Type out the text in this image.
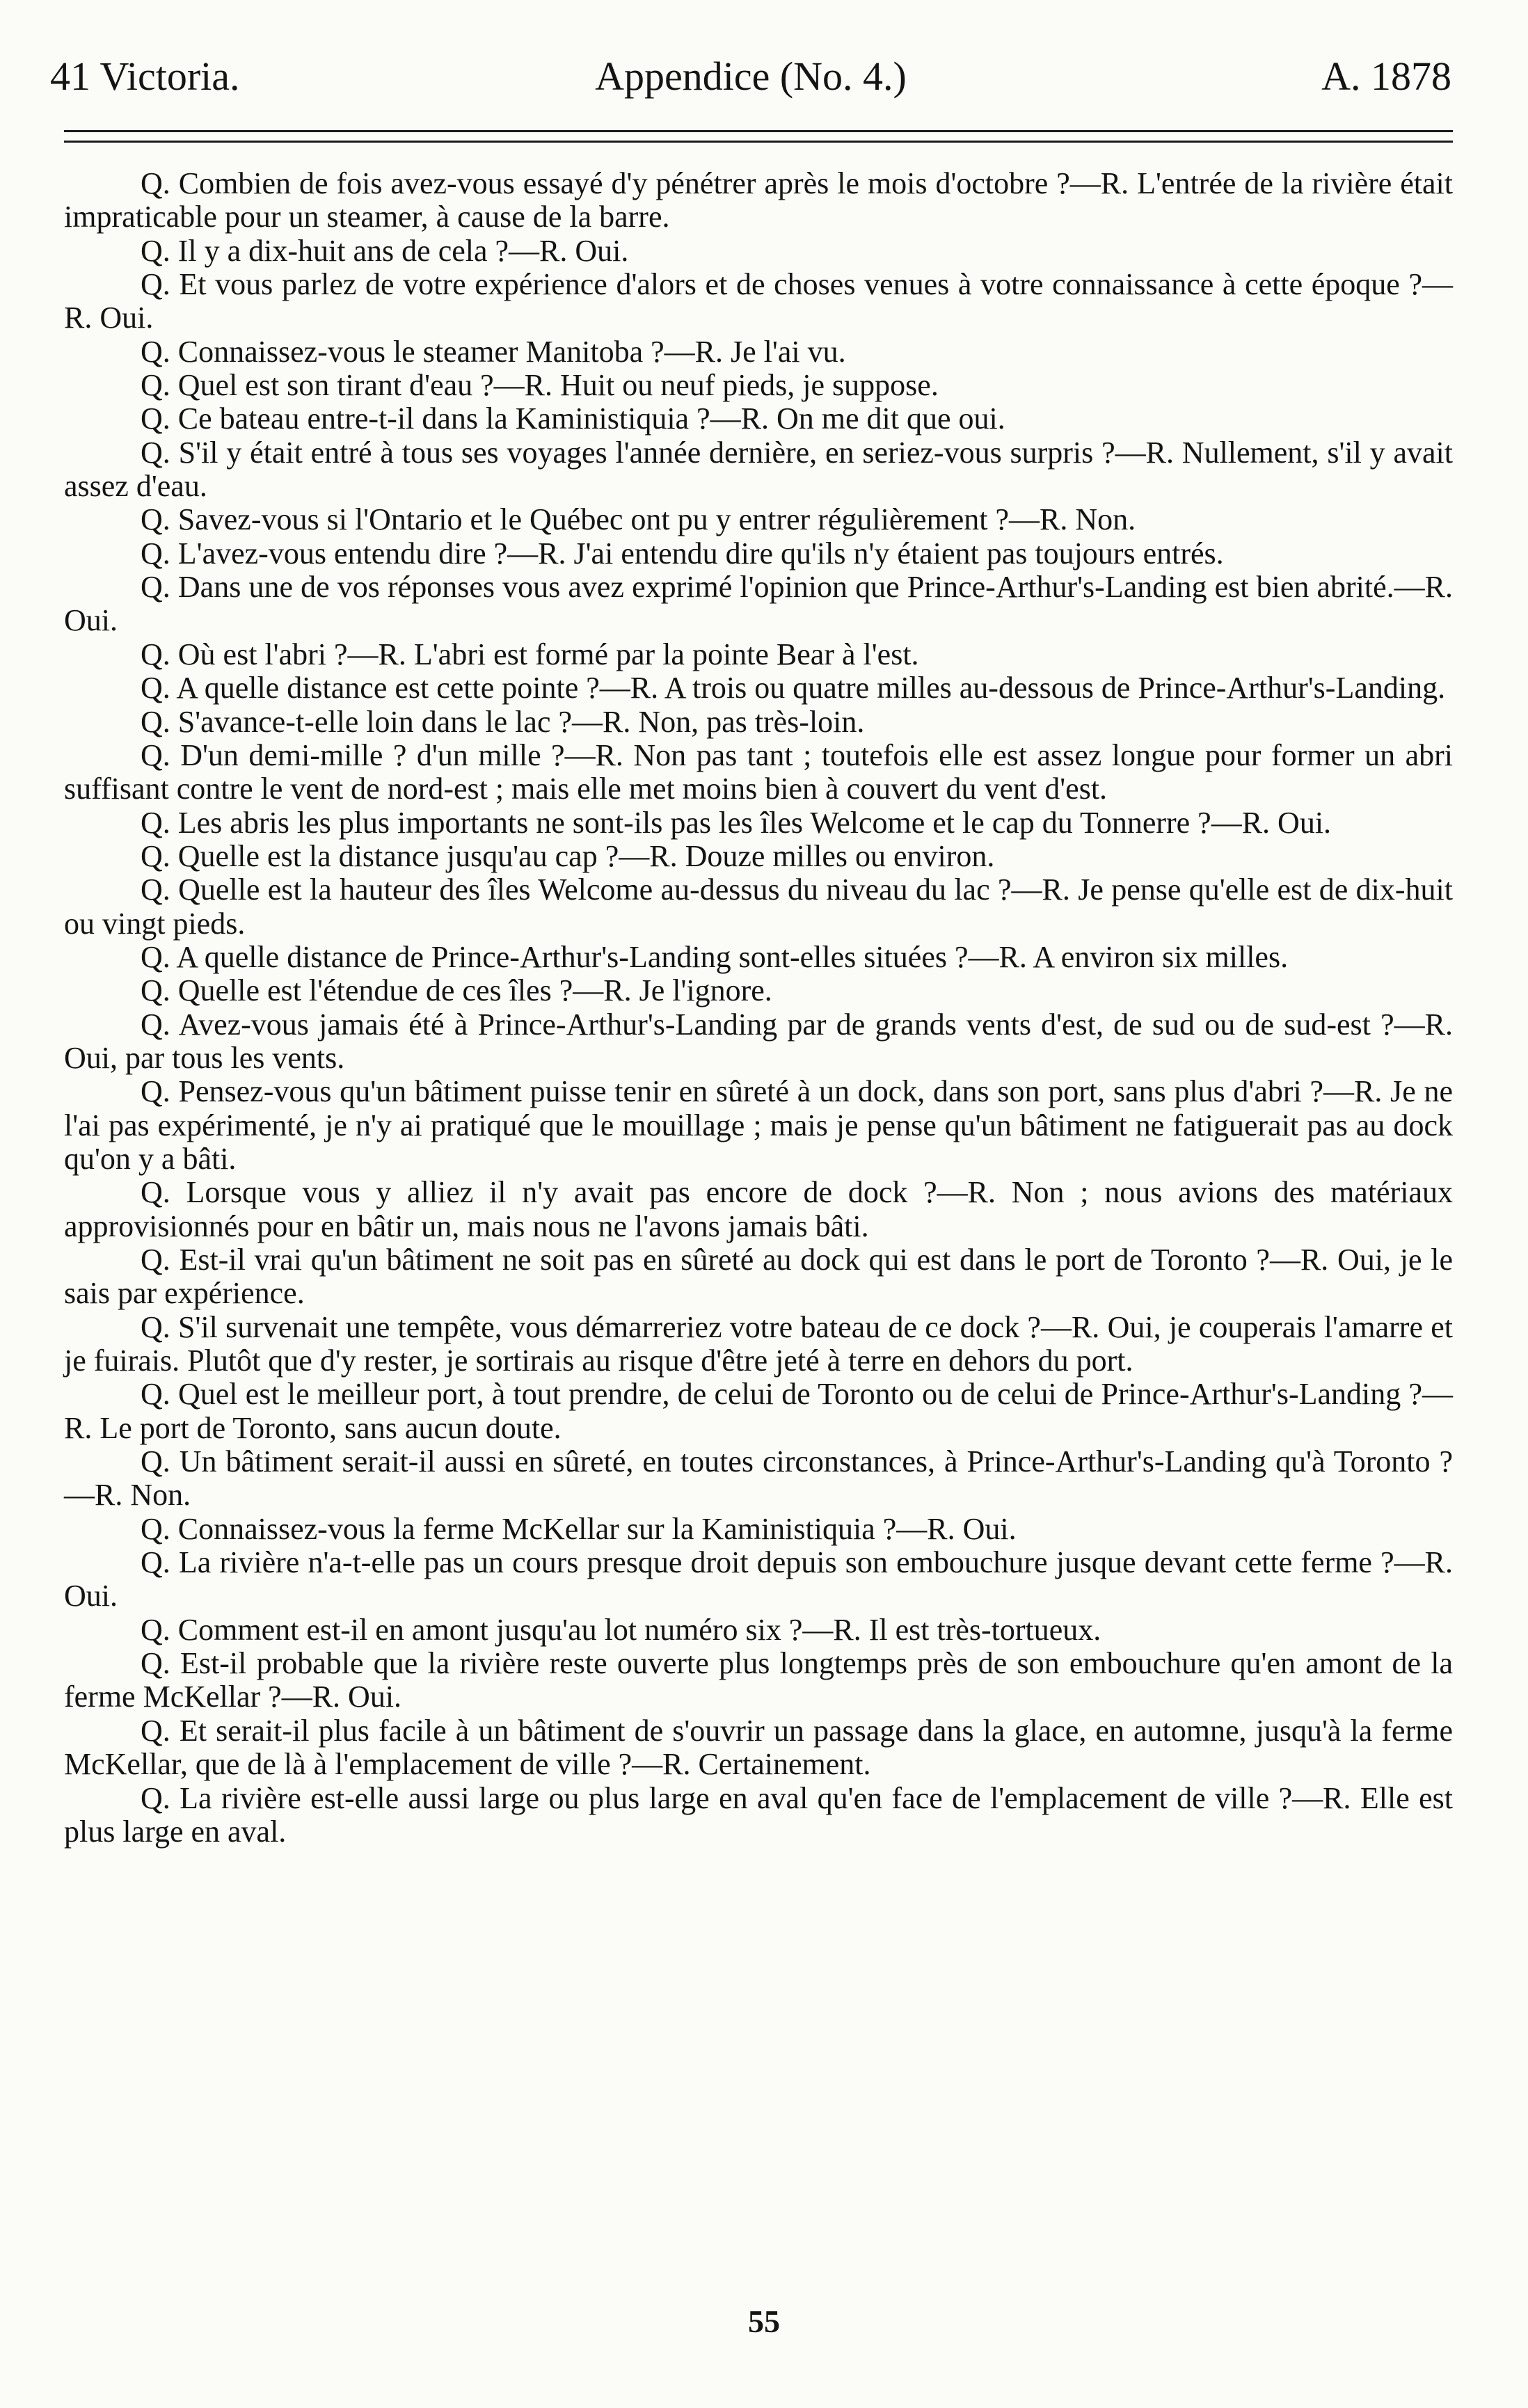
41 Victoria.	Appendice (No. 4.)	A. 1878

Q. Combien de fois avez-vous essayé d'y pénétrer après le mois d'octobre ?—R. L'entrée de la rivière était impraticable pour un steamer, à cause de la barre.

Q. Il y a dix-huit ans de cela ?—R. Oui.

Q. Et vous parlez de votre expérience d'alors et de choses venues à votre connaissance à cette époque ?—R. Oui.

Q. Connaissez-vous le steamer Manitoba ?—R. Je l'ai vu.

Q. Quel est son tirant d'eau ?—R. Huit ou neuf pieds, je suppose.

Q. Ce bateau entre-t-il dans la Kaministiquia ?—R. On me dit que oui.

Q. S'il y était entré à tous ses voyages l'année dernière, en seriez-vous surpris ?—R. Nullement, s'il y avait assez d'eau.

Q. Savez-vous si l'Ontario et le Québec ont pu y entrer régulièrement ?—R. Non.

Q. L'avez-vous entendu dire ?—R. J'ai entendu dire qu'ils n'y étaient pas toujours entrés.

Q. Dans une de vos réponses vous avez exprimé l'opinion que Prince-Arthur's-Landing est bien abrité.—R. Oui.

Q. Où est l'abri ?—R. L'abri est formé par la pointe Bear à l'est.

Q. A quelle distance est cette pointe ?—R. A trois ou quatre milles au-dessous de Prince-Arthur's-Landing.

Q. S'avance-t-elle loin dans le lac ?—R. Non, pas très-loin.

Q. D'un demi-mille ? d'un mille ?—R. Non pas tant ; toutefois elle est assez longue pour former un abri suffisant contre le vent de nord-est ; mais elle met moins bien à couvert du vent d'est.

Q. Les abris les plus importants ne sont-ils pas les îles Welcome et le cap du Tonnerre ?—R. Oui.

Q. Quelle est la distance jusqu'au cap ?—R. Douze milles ou environ.

Q. Quelle est la hauteur des îles Welcome au-dessus du niveau du lac ?—R. Je pense qu'elle est de dix-huit ou vingt pieds.

Q. A quelle distance de Prince-Arthur's-Landing sont-elles situées ?—R. A environ six milles.

Q. Quelle est l'étendue de ces îles ?—R. Je l'ignore.

Q. Avez-vous jamais été à Prince-Arthur's-Landing par de grands vents d'est, de sud ou de sud-est ?—R. Oui, par tous les vents.

Q. Pensez-vous qu'un bâtiment puisse tenir en sûreté à un dock, dans son port, sans plus d'abri ?—R. Je ne l'ai pas expérimenté, je n'y ai pratiqué que le mouillage ; mais je pense qu'un bâtiment ne fatiguerait pas au dock qu'on y a bâti.

Q. Lorsque vous y alliez il n'y avait pas encore de dock ?—R. Non ; nous avions des matériaux approvisionnés pour en bâtir un, mais nous ne l'avons jamais bâti.

Q. Est-il vrai qu'un bâtiment ne soit pas en sûreté au dock qui est dans le port de Toronto ?—R. Oui, je le sais par expérience.

Q. S'il survenait une tempête, vous démarreriez votre bateau de ce dock ?—R. Oui, je couperais l'amarre et je fuirais. Plutôt que d'y rester, je sortirais au risque d'être jeté à terre en dehors du port.

Q. Quel est le meilleur port, à tout prendre, de celui de Toronto ou de celui de Prince-Arthur's-Landing ?—R. Le port de Toronto, sans aucun doute.

Q. Un bâtiment serait-il aussi en sûreté, en toutes circonstances, à Prince-Arthur's-Landing qu'à Toronto ?—R. Non.

Q. Connaissez-vous la ferme McKellar sur la Kaministiquia ?—R. Oui.

Q. La rivière n'a-t-elle pas un cours presque droit depuis son embouchure jusque devant cette ferme ?—R. Oui.

Q. Comment est-il en amont jusqu'au lot numéro six ?—R. Il est très-tortueux.

Q. Est-il probable que la rivière reste ouverte plus longtemps près de son embouchure qu'en amont de la ferme McKellar ?—R. Oui.

Q. Et serait-il plus facile à un bâtiment de s'ouvrir un passage dans la glace, en automne, jusqu'à la ferme McKellar, que de là à l'emplacement de ville ?—R. Certainement.

Q. La rivière est-elle aussi large ou plus large en aval qu'en face de l'emplacement de ville ?—R. Elle est plus large en aval.

55
